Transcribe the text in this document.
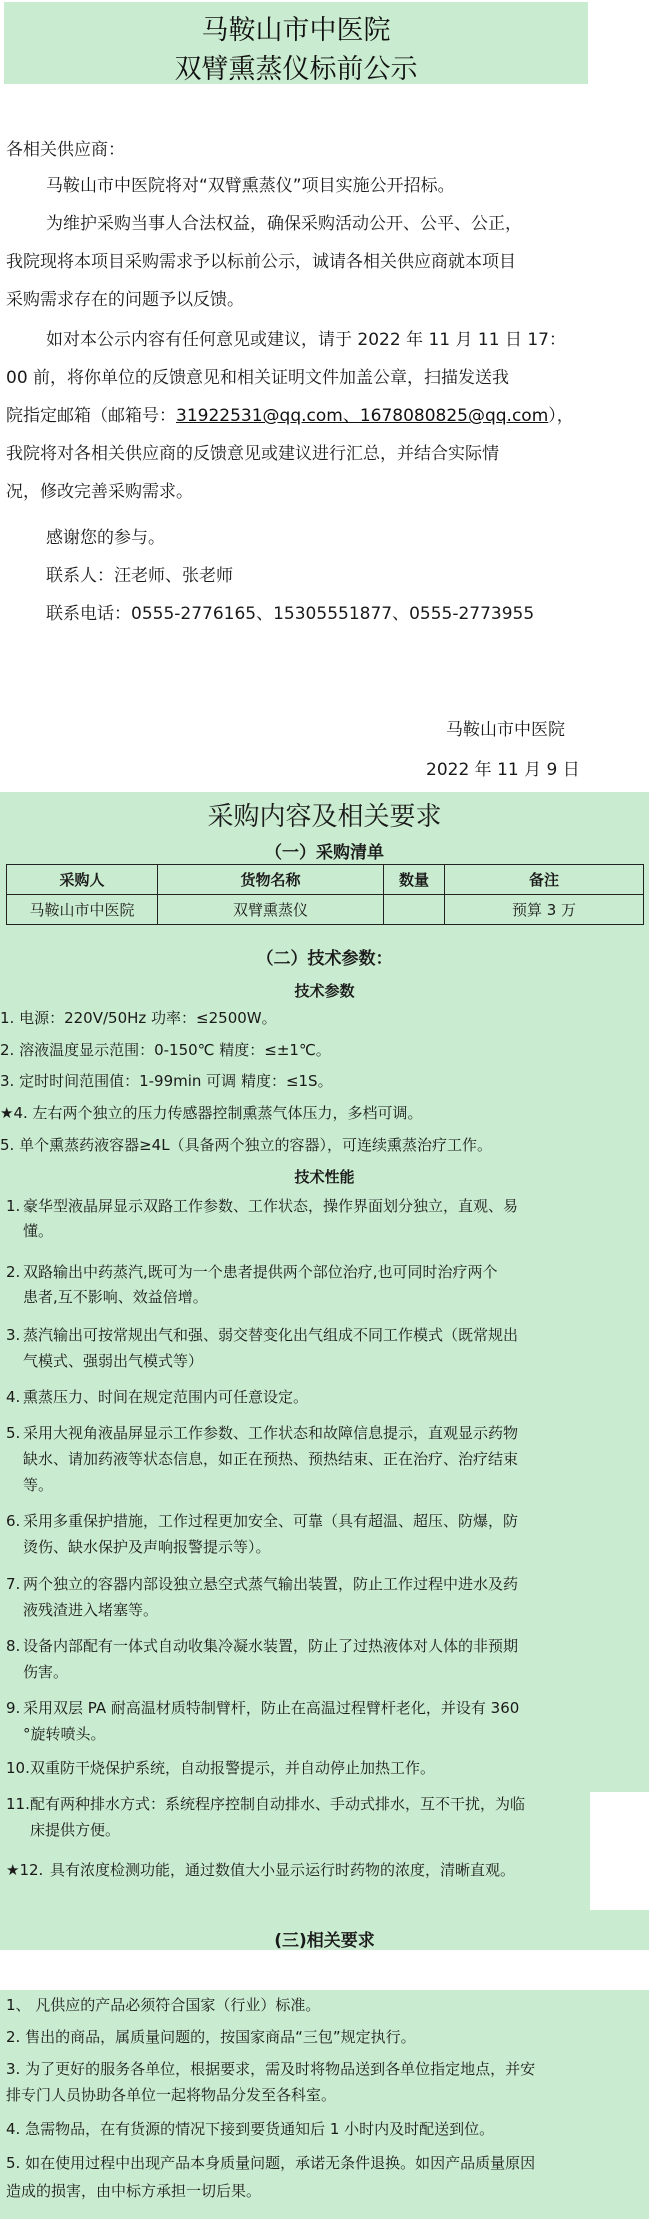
马鞍山市中医院
双臂熏蒸仪标前公示
各相关供应商：
马鞍山市中医院将对“双臂熏蒸仪”项目实施公开招标。
为维护采购当事人合法权益，确保采购活动公开、公平、公正，
我院现将本项目采购需求予以标前公示，诚请各相关供应商就本项目
采购需求存在的问题予以反馈。
如对本公示内容有任何意见或建议，请于 2022 年 11 月 11 日 17：
00 前，将你单位的反馈意见和相关证明文件加盖公章，扫描发送我
院指定邮箱（邮箱号：31922531@qq.com、1678080825@qq.com），
我院将对各相关供应商的反馈意见或建议进行汇总，并结合实际情
况，修改完善采购需求。
感谢您的参与。
联系人：汪老师、张老师
联系电话：0555-2776165、15305551877、0555-2773955
马鞍山市中医院
2022 年 11 月 9 日
采购内容及相关要求
（一）采购清单
采购人	货物名称	数量	备注
马鞍山市中医院	双臂熏蒸仪		预算 3 万
（二）技术参数：
技术参数
1. 电源：220V/50Hz 功率：≤2500W。
2. 溶液温度显示范围：0-150℃ 精度：≤±1℃。
3. 定时时间范围值：1-99min 可调 精度：≤1S。
★4. 左右两个独立的压力传感器控制熏蒸气体压力，多档可调。
5. 单个熏蒸药液容器≥4L（具备两个独立的容器），可连续熏蒸治疗工作。
技术性能
1. 豪华型液晶屏显示双路工作参数、工作状态，操作界面划分独立，直观、易
懂。
2. 双路输出中药蒸汽,既可为一个患者提供两个部位治疗,也可同时治疗两个
患者,互不影响、效益倍增。
3. 蒸汽输出可按常规出气和强、弱交替变化出气组成不同工作模式（既常规出
气模式、强弱出气模式等）
4. 熏蒸压力、时间在规定范围内可任意设定。
5. 采用大视角液晶屏显示工作参数、工作状态和故障信息提示，直观显示药物
缺水、请加药液等状态信息，如正在预热、预热结束、正在治疗、治疗结束
等。
6. 采用多重保护措施，工作过程更加安全、可靠（具有超温、超压、防爆，防
烫伤、缺水保护及声响报警提示等）。
7. 两个独立的容器内部设独立悬空式蒸气输出装置，防止工作过程中进水及药
液残渣进入堵塞等。
8. 设备内部配有一体式自动收集冷凝水装置，防止了过热液体对人体的非预期
伤害。
9. 采用双层 PA 耐高温材质特制臂杆，防止在高温过程臂杆老化，并设有 360
°旋转喷头。
10. 双重防干烧保护系统，自动报警提示，并自动停止加热工作。
11. 配有两种排水方式：系统程序控制自动排水、手动式排水，互不干扰，为临
床提供方便。
★12. 具有浓度检测功能，通过数值大小显示运行时药物的浓度，清晰直观。
(三)相关要求
1、 凡供应的产品必须符合国家（行业）标准。
2. 售出的商品，属质量问题的，按国家商品“三包”规定执行。
3. 为了更好的服务各单位，根据要求，需及时将物品送到各单位指定地点，并安
排专门人员协助各单位一起将物品分发至各科室。
4. 急需物品，在有货源的情况下接到要货通知后 1 小时内及时配送到位。
5. 如在使用过程中出现产品本身质量问题，承诺无条件退换。如因产品质量原因
造成的损害，由中标方承担一切后果。
